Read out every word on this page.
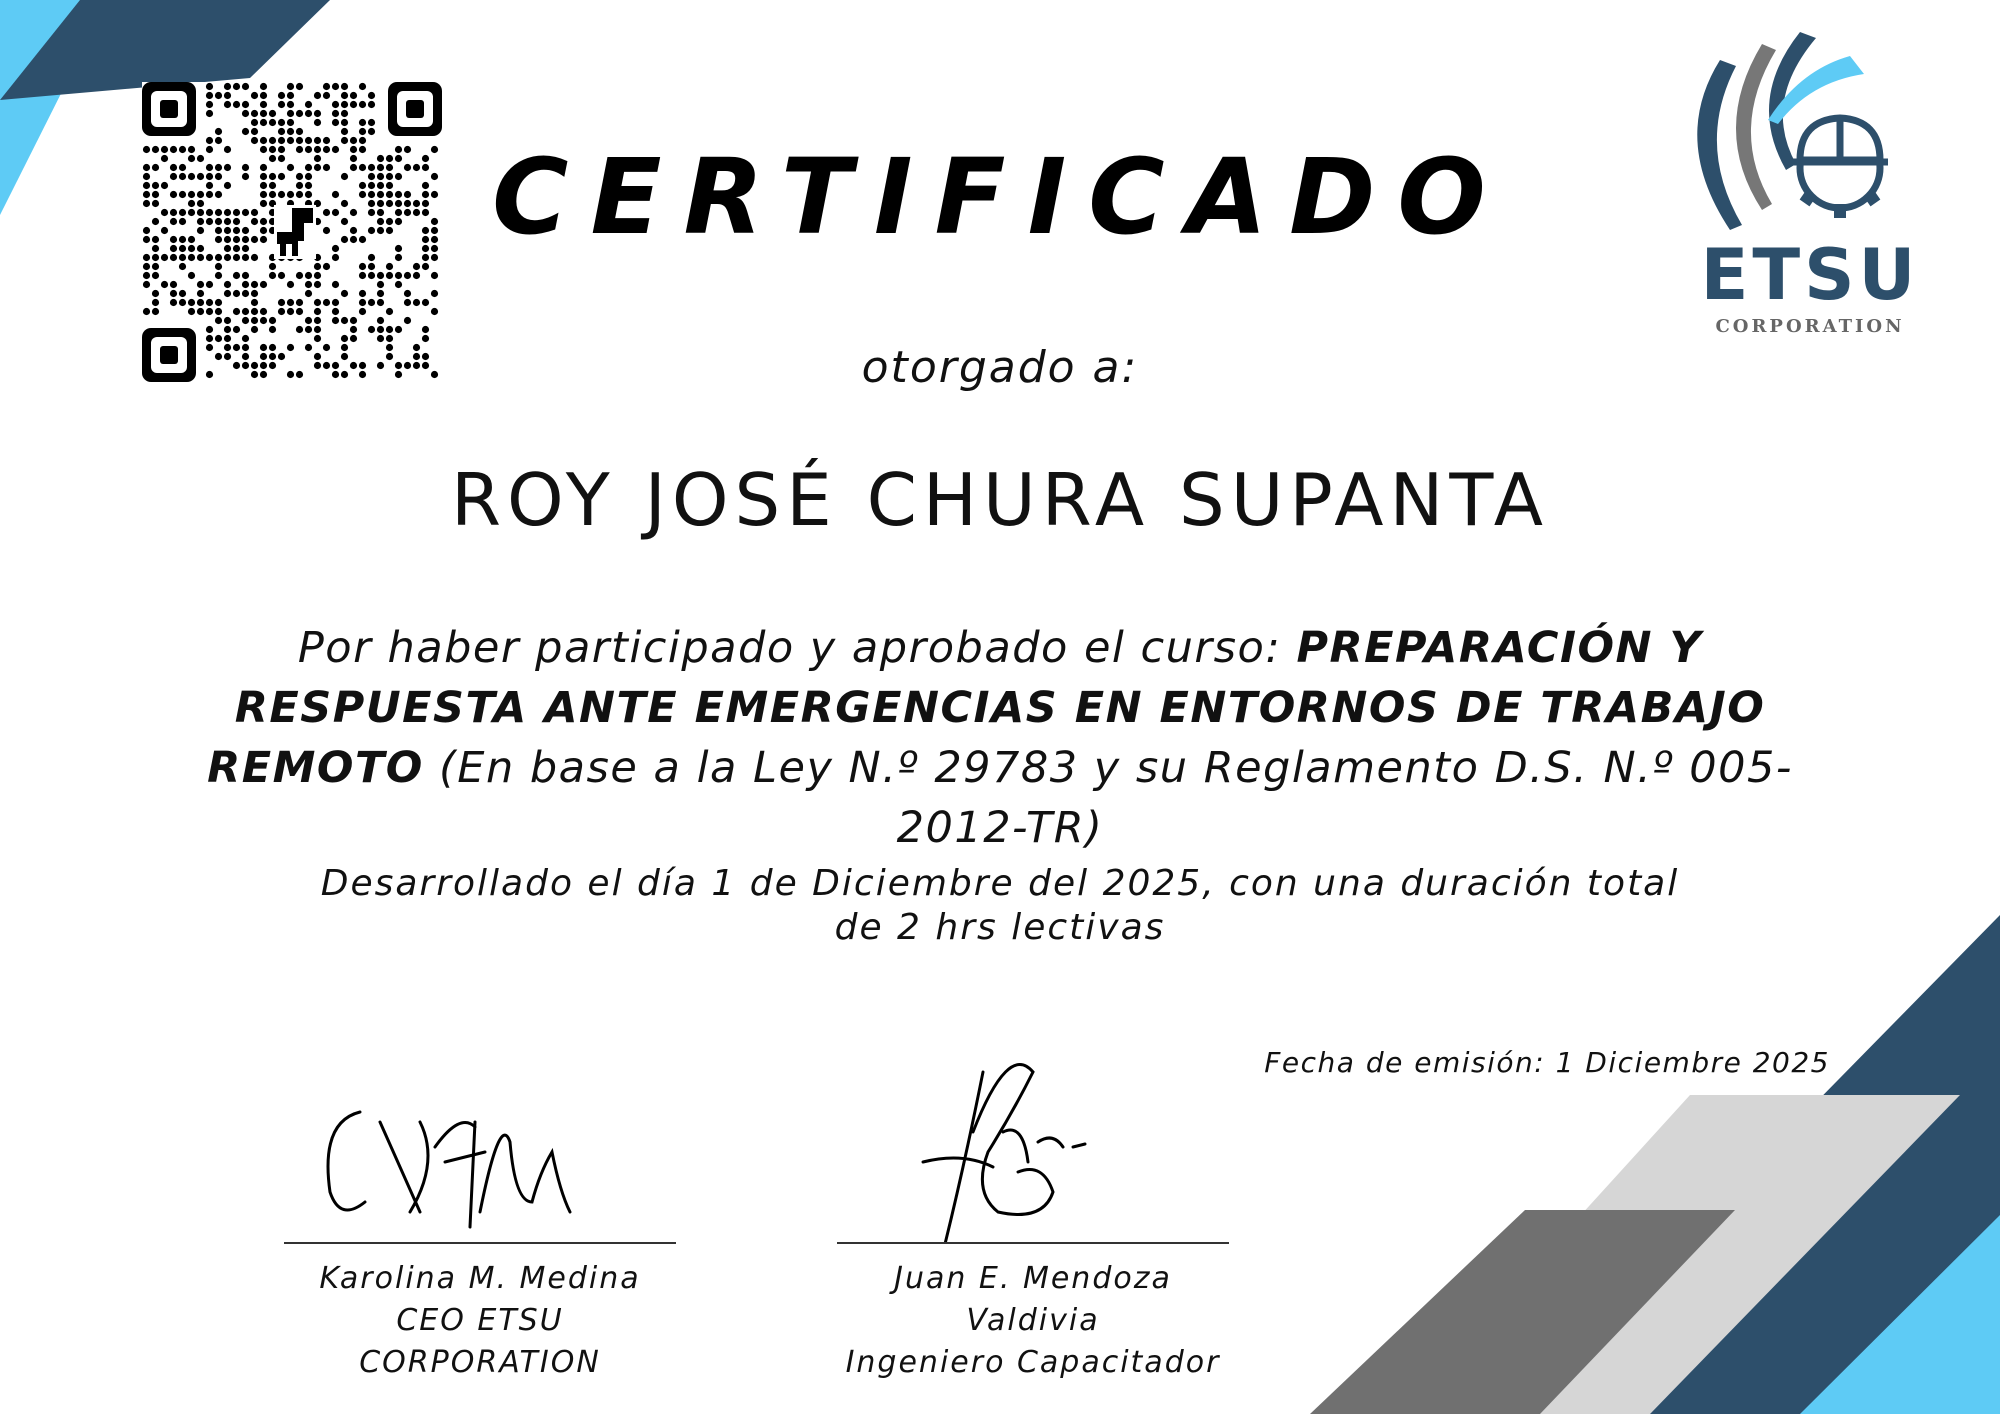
ETSU
CORPORATION
CERTIFICADO
otorgado a:
ROY JOSÉ CHURA SUPANTA
Por haber participado y aprobado el curso: PREPARACIÓN Y RESPUESTA ANTE EMERGENCIAS EN ENTORNOS DE TRABAJO REMOTO (En base a la Ley N.º 29783 y su Reglamento D.S. N.º 005-2012-TR)
Desarrollado el día 1 de Diciembre del 2025, con una duración total
de 2 hrs lectivas
Fecha de emisión: 1 Diciembre 2025
Karolina M. Medina
CEO ETSU CORPORATION
Juan E. Mendoza Valdivia
Ingeniero Capacitador
